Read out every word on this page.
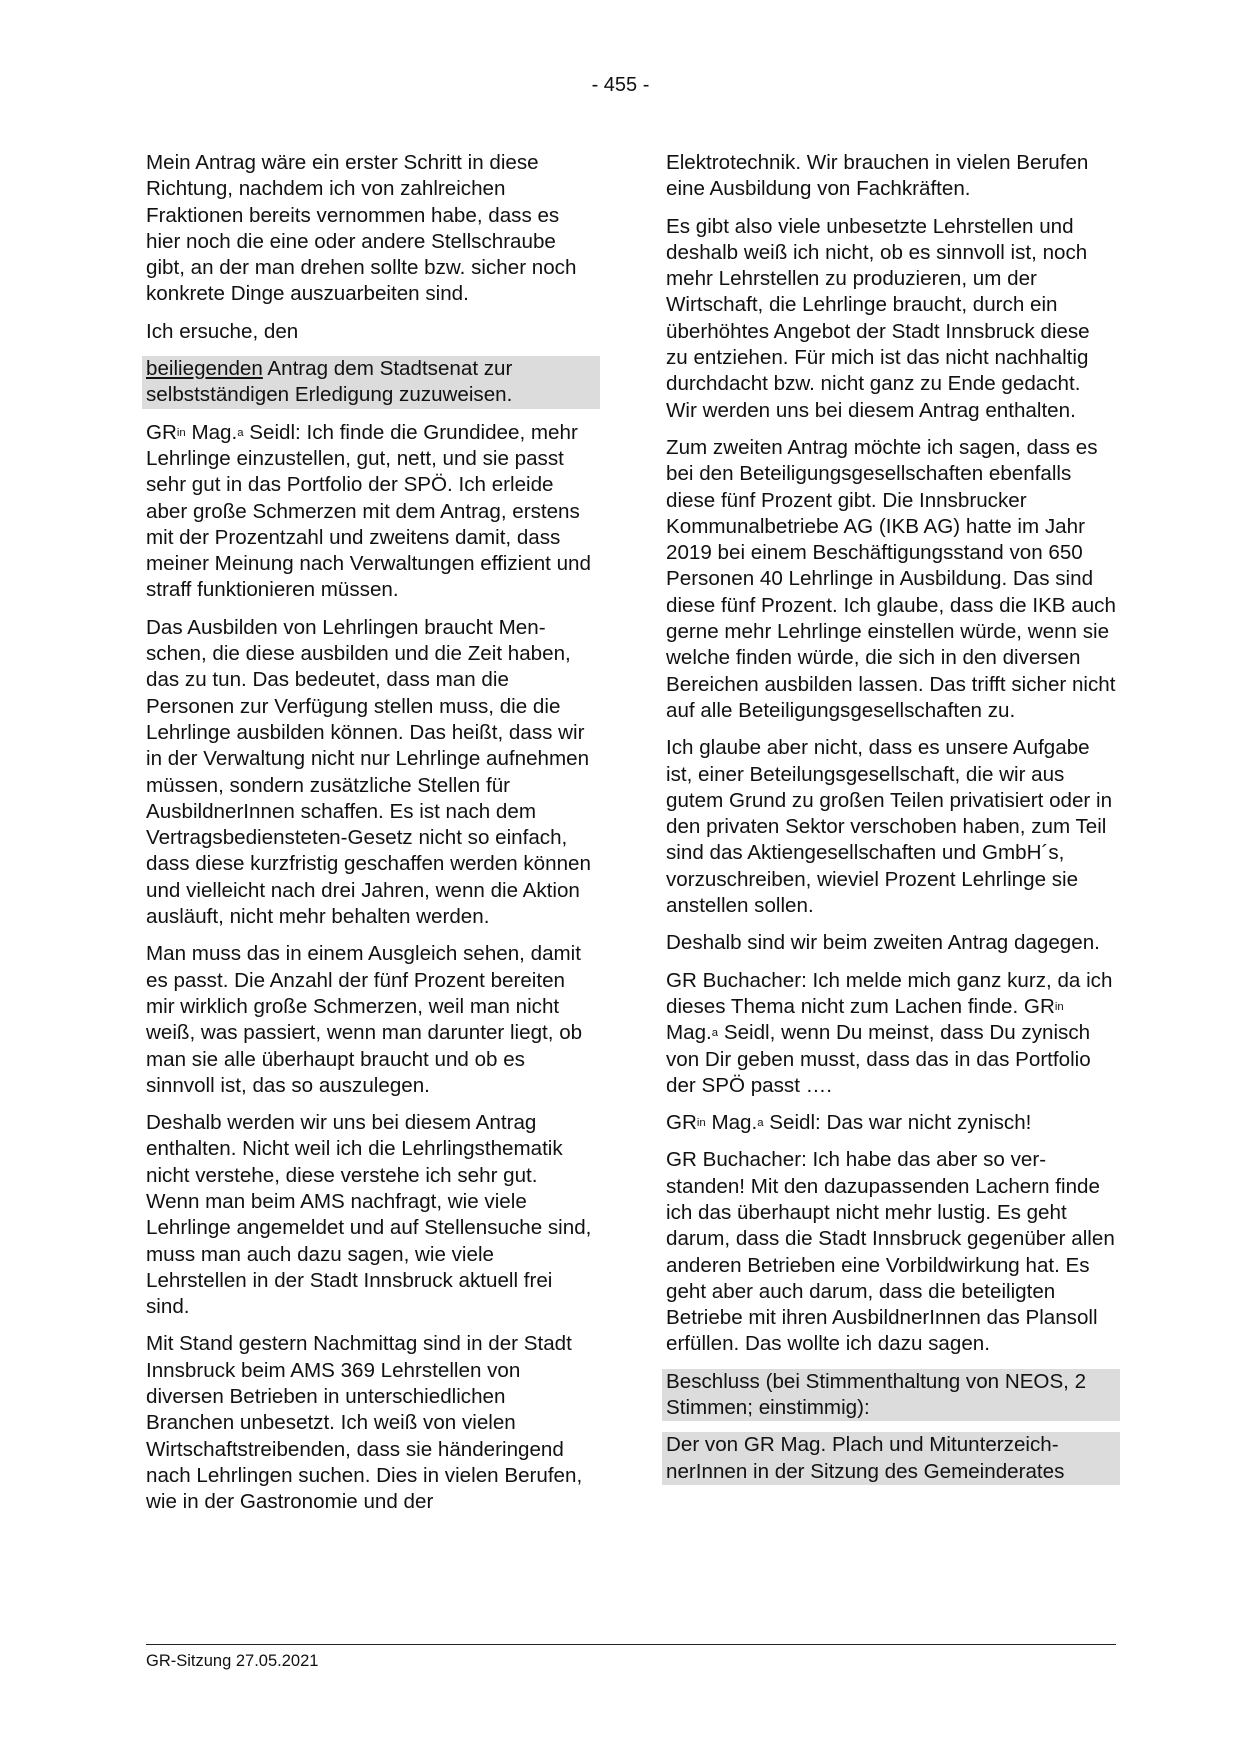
- 455 -

Mein Antrag wäre ein erster Schritt in diese Richtung, nachdem ich von zahlreichen Fraktionen bereits vernommen habe, dass es hier noch die eine oder andere Stellschraube gibt, an der man drehen sollte bzw. sicher noch konkrete Dinge auszuarbeiten sind.

Ich ersuche, den

beiliegenden Antrag dem Stadtsenat zur selbstständigen Erledigung zuzuweisen.

$GR^{in}$ Mag.$^a$ Seidl: Ich finde die Grundidee, mehr Lehrlinge einzustellen, gut, nett, und sie passt sehr gut in das Portfolio der SPÖ. Ich erleide aber große Schmerzen mit dem Antrag, erstens mit der Prozentzahl und zweitens damit, dass meiner Meinung nach Verwaltungen effizient und straff funktionieren müssen.

Das Ausbilden von Lehrlingen braucht Menschen, die diese ausbilden und die Zeit haben, das zu tun. Das bedeutet, dass man die Personen zur Verfügung stellen muss, die die Lehrlinge ausbilden können. Das heißt, dass wir in der Verwaltung nicht nur Lehrlinge aufnehmen müssen, sondern zusätzliche Stellen für AusbildnerInnen schaffen. Es ist nach dem Vertragsbediensteten-Gesetz nicht so einfach, dass diese kurzfristig geschaffen werden können und vielleicht nach drei Jahren, wenn die Aktion ausläuft, nicht mehr behalten werden.

Man muss das in einem Ausgleich sehen, damit es passt. Die Anzahl der fünf Prozent bereiten mir wirklich große Schmerzen, weil man nicht weiß, was passiert, wenn man darunter liegt, ob man sie alle überhaupt braucht und ob es sinnvoll ist, das so auszulegen.

Deshalb werden wir uns bei diesem Antrag enthalten. Nicht weil ich die Lehrlingsthematik nicht verstehe, diese verstehe ich sehr gut. Wenn man beim AMS nachfragt, wie viele Lehrlinge angemeldet und auf Stellensuche sind, muss man auch dazu sagen, wie viele Lehrstellen in der Stadt Innsbruck aktuell frei sind.

Mit Stand gestern Nachmittag sind in der Stadt Innsbruck beim AMS 369 Lehrstellen von diversen Betrieben in unterschiedlichen Branchen unbesetzt. Ich weiß von vielen Wirtschaftstreibenden, dass sie händeringend nach Lehrlingen suchen. Dies in vielen Berufen, wie in der Gastronomie und der

Elektrotechnik. Wir brauchen in vielen Berufen eine Ausbildung von Fachkräften.

Es gibt also viele unbesetzte Lehrstellen und deshalb weiß ich nicht, ob es sinnvoll ist, noch mehr Lehrstellen zu produzieren, um der Wirtschaft, die Lehrlinge braucht, durch ein überhöhtes Angebot der Stadt Innsbruck diese zu entziehen. Für mich ist das nicht nachhaltig durchdacht bzw. nicht ganz zu Ende gedacht. Wir werden uns bei diesem Antrag enthalten.

Zum zweiten Antrag möchte ich sagen, dass es bei den Beteiligungsgesellschaften ebenfalls diese fünf Prozent gibt. Die Innsbrucker Kommunalbetriebe AG (IKB AG) hatte im Jahr 2019 bei einem Beschäftigungsstand von 650 Personen 40 Lehrlinge in Ausbildung. Das sind diese fünf Prozent. Ich glaube, dass die IKB auch gerne mehr Lehrlinge einstellen würde, wenn sie welche finden würde, die sich in den diversen Bereichen ausbilden lassen. Das trifft sicher nicht auf alle Beteiligungsgesellschaften zu.

Ich glaube aber nicht, dass es unsere Aufgabe ist, einer Beteilungsgesellschaft, die wir aus gutem Grund zu großen Teilen privatisiert oder in den privaten Sektor verschoben haben, zum Teil sind das Aktiengesellschaften und GmbH´s, vorzuschreiben, wieviel Prozent Lehrlinge sie anstellen sollen.

Deshalb sind wir beim zweiten Antrag dagegen.

GR Buchacher: Ich melde mich ganz kurz, da ich dieses Thema nicht zum Lachen finde. $GR^{in}$ Mag.$^a$ Seidl, wenn Du meinst, dass Du zynisch von Dir geben musst, dass das in das Portfolio der SPÖ passt ….

$GR^{in}$ Mag.$^a$ Seidl: Das war nicht zynisch!

GR Buchacher: Ich habe das aber so verstanden! Mit den dazupassenden Lachern finde ich das überhaupt nicht mehr lustig. Es geht darum, dass die Stadt Innsbruck gegenüber allen anderen Betrieben eine Vorbildwirkung hat. Es geht aber auch darum, dass die beteiligten Betriebe mit ihren AusbildnerInnen das Plansoll erfüllen. Das wollte ich dazu sagen.

Beschluss (bei Stimmenthaltung von NEOS, 2 Stimmen; einstimmig):

Der von GR Mag. Plach und MitunterzeichnerInnen in der Sitzung des Gemeinderates

GR-Sitzung 27.05.2021
